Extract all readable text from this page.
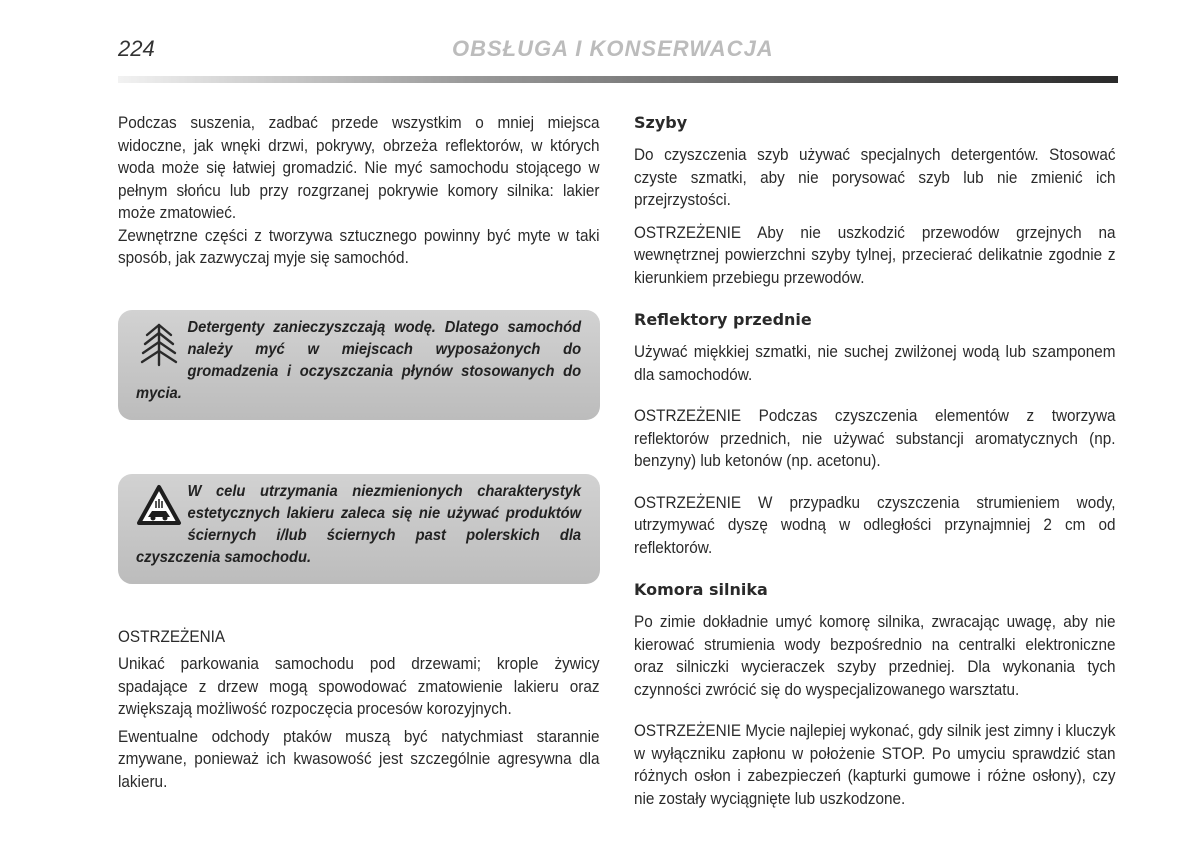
224	OBSŁUGA I KONSERWACJA

Podczas suszenia, zadbać przede wszystkim o mniej miejsca widoczne, jak wnęki drzwi, pokrywy, obrzeża reflektorów, w których woda może się łatwiej gromadzić. Nie myć samochodu stojącego w pełnym słońcu lub przy rozgrzanej pokrywie komory silnika: lakier może zmatowieć.

Zewnętrzne części z tworzywa sztucznego powinny być myte w taki sposób, jak zazwyczaj myje się samochód.

Detergenty zanieczyszczają wodę. Dlatego samochód należy myć w miejscach wyposażonych do gromadzenia i oczyszczania płynów stosowanych do mycia.
W celu utrzymania niezmienionych charakterystyk estetycznych lakieru zaleca się nie używać produktów ściernych i/lub ściernych past polerskich dla czyszczenia samochodu.
OSTRZEŻENIA

Unikać parkowania samochodu pod drzewami; krople żywicy spadające z drzew mogą spowodować zmatowienie lakieru oraz zwiększają możliwość rozpoczęcia procesów korozyjnych.

Ewentualne odchody ptaków muszą być natychmiast starannie zmywane, ponieważ ich kwasowość jest szczególnie agresywna dla lakieru.

Szyby

Do czyszczenia szyb używać specjalnych detergentów. Stosować czyste szmatki, aby nie porysować szyb lub nie zmienić ich przejrzystości.

OSTRZEŻENIE Aby nie uszkodzić przewodów grzejnych na wewnętrznej powierzchni szyby tylnej, przecierać delikatnie zgodnie z kierunkiem przebiegu przewodów.

Reflektory przednie

Używać miękkiej szmatki, nie suchej zwilżonej wodą lub szamponem dla samochodów.

OSTRZEŻENIE Podczas czyszczenia elementów z tworzywa reflektorów przednich, nie używać substancji aromatycznych (np. benzyny) lub ketonów (np. acetonu).

OSTRZEŻENIE W przypadku czyszczenia strumieniem wody, utrzymywać dyszę wodną w odległości przynajmniej 2 cm od reflektorów.

Komora silnika

Po zimie dokładnie umyć komorę silnika, zwracając uwagę, aby nie kierować strumienia wody bezpośrednio na centralki elektroniczne oraz silniczki wycieraczek szyby przedniej. Dla wykonania tych czynności zwrócić się do wyspecjalizowanego warsztatu.

OSTRZEŻENIE Mycie najlepiej wykonać, gdy silnik jest zimny i kluczyk w wyłączniku zapłonu w położenie STOP. Po umyciu sprawdzić stan różnych osłon i zabezpieczeń (kapturki gumowe i różne osłony), czy nie zostały wyciągnięte lub uszkodzone.
